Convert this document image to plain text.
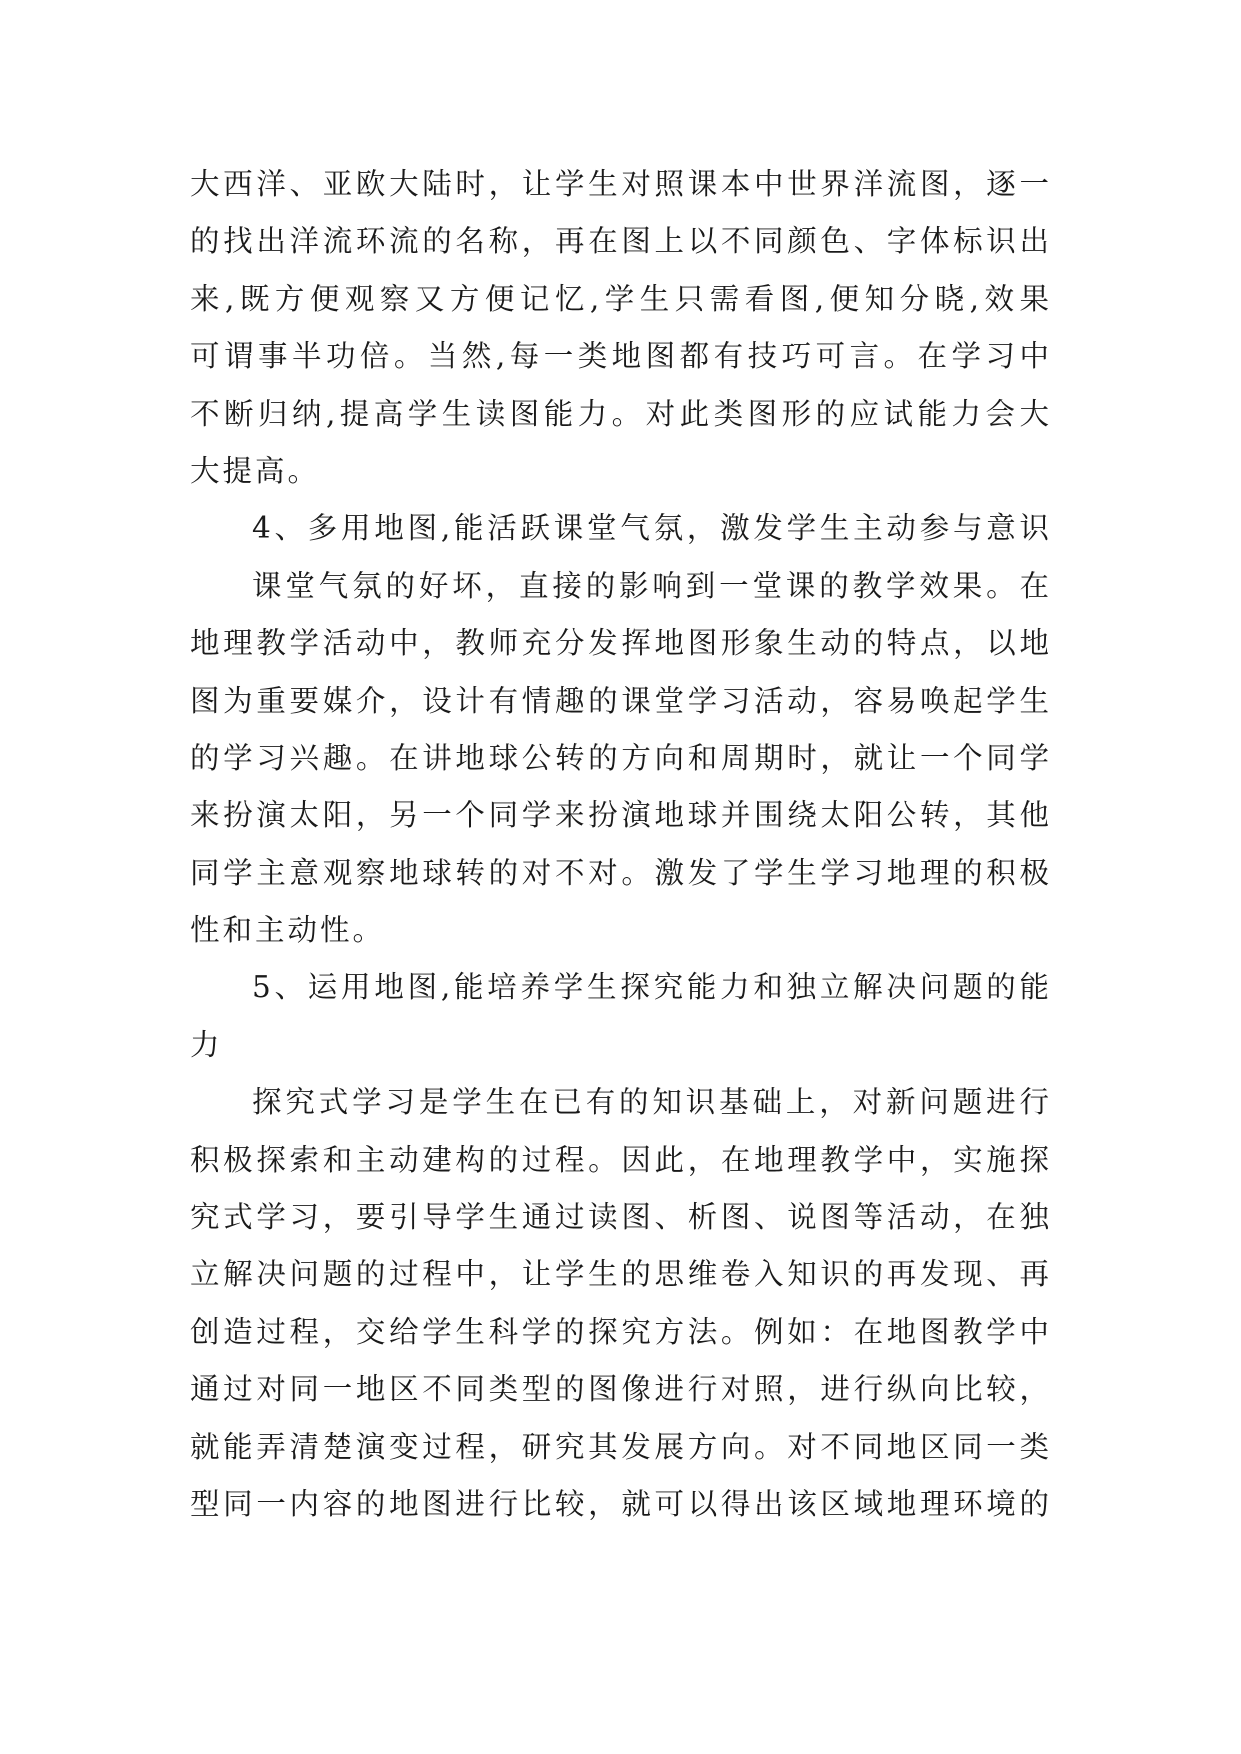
大西洋、亚欧大陆时，让学生对照课本中世界洋流图，逐一
的找出洋流环流的名称，再在图上以不同颜色、字体标识出
来,既方便观察又方便记忆,学生只需看图,便知分晓,效果
可谓事半功倍。当然,每一类地图都有技巧可言。在学习中
不断归纳,提高学生读图能力。对此类图形的应试能力会大
大提高。
4、多用地图,能活跃课堂气氛，激发学生主动参与意识
课堂气氛的好坏，直接的影响到一堂课的教学效果。在
地理教学活动中，教师充分发挥地图形象生动的特点，以地
图为重要媒介，设计有情趣的课堂学习活动，容易唤起学生
的学习兴趣。在讲地球公转的方向和周期时，就让一个同学
来扮演太阳，另一个同学来扮演地球并围绕太阳公转，其他
同学主意观察地球转的对不对。激发了学生学习地理的积极
性和主动性。
5、运用地图,能培养学生探究能力和独立解决问题的能
力
探究式学习是学生在已有的知识基础上，对新问题进行
积极探索和主动建构的过程。因此，在地理教学中，实施探
究式学习，要引导学生通过读图、析图、说图等活动，在独
立解决问题的过程中，让学生的思维卷入知识的再发现、再
创造过程，交给学生科学的探究方法。例如：在地图教学中
通过对同一地区不同类型的图像进行对照，进行纵向比较，
就能弄清楚演变过程，研究其发展方向。对不同地区同一类
型同一内容的地图进行比较，就可以得出该区域地理环境的
